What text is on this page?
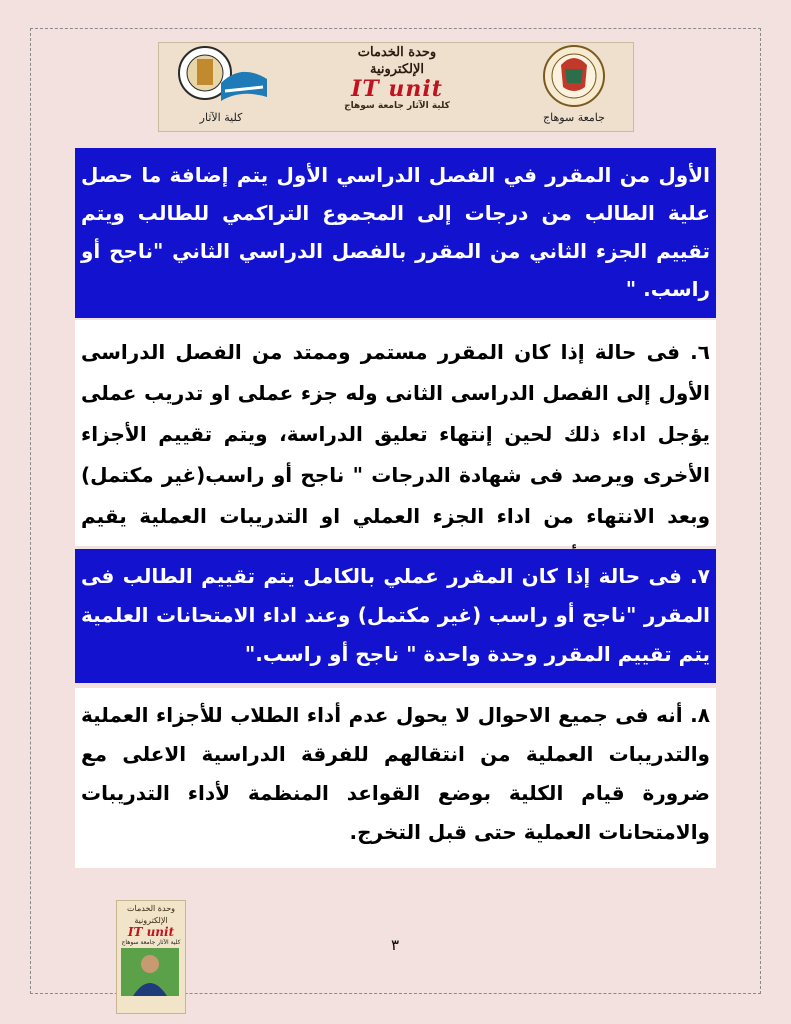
كلية الآثار
وحدة الخدمات
الإلكترونية
IT unit
كلية الآثار جامعة سوهاج
جامعة سوهاج
الأول من المقرر في الفصل الدراسي الأول يتم إضافة ما حصل علية الطالب من درجات إلى المجموع التراكمي للطالب ويتم تقييم الجزء الثاني من المقرر بالفصل الدراسي الثاني "ناجح أو راسب. "
٦. فى حالة إذا كان المقرر مستمر وممتد من الفصل الدراسى الأول إلى الفصل الدراسى الثانى وله جزء عملى او تدريب عملى يؤجل اداء ذلك لحين إنتهاء تعليق الدراسة، ويتم تقييم الأجزاء الأخرى ويرصد فى شهادة الدرجات " ناجح أو راسب(غير مكتمل) وبعد الانتهاء من اداء الجزء العملي او التدريبات العملية يقيم
٧. فى حالة إذا كان المقرر عملي بالكامل يتم تقييم الطالب فى المقرر "ناجح أو راسب (غير مكتمل) وعند اداء الامتحانات العلمية يتم تقييم المقرر وحدة واحدة " ناجح أو راسب."
٨. أنه فى جميع الاحوال لا يحول عدم أداء الطلاب للأجزاء العملية والتدريبات العملية من انتقالهم للفرقة الدراسية الاعلى مع ضرورة قيام الكلية بوضع القواعد المنظمة لأداء التدريبات والامتحانات العملية حتى قبل التخرج.
٣
وحدة الخدمات
الإلكترونية
IT unit
كلية الآثار جامعة سوهاج
